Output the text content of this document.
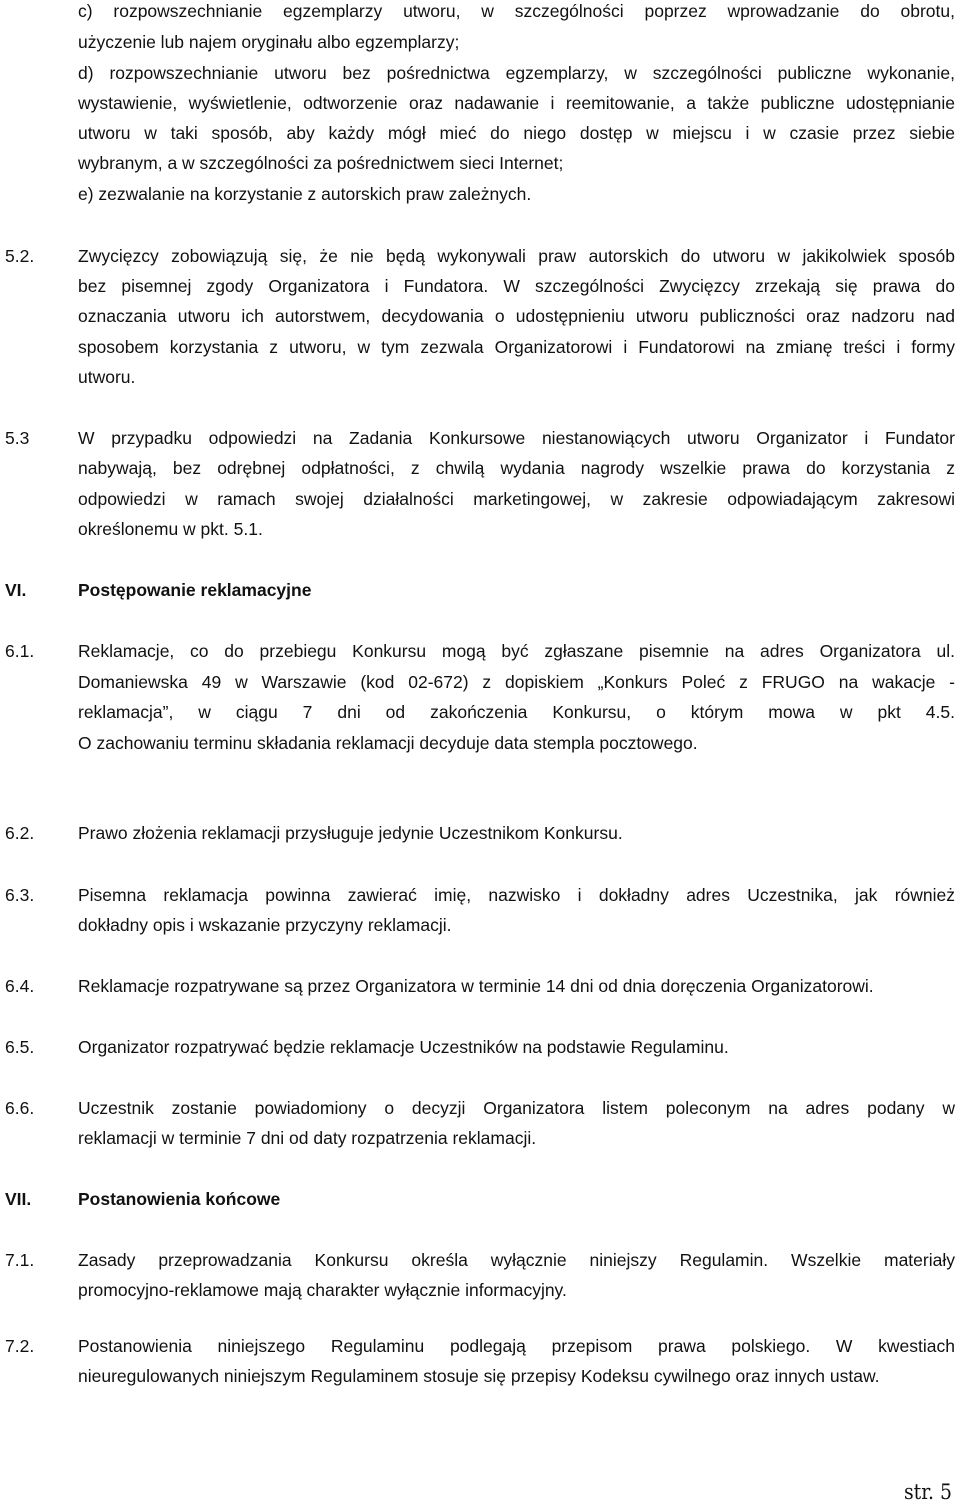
c) rozpowszechnianie egzemplarzy utworu, w szczególności poprzez wprowadzanie do obrotu,
użyczenie lub najem oryginału albo egzemplarzy;
d) rozpowszechnianie utworu bez pośrednictwa egzemplarzy, w szczególności publiczne wykonanie,
wystawienie, wyświetlenie, odtworzenie oraz nadawanie i reemitowanie, a także publiczne udostępnianie
utworu w taki sposób, aby każdy mógł mieć do niego dostęp w miejscu i w czasie przez siebie
wybranym, a w szczególności za pośrednictwem sieci Internet;
e) zezwalanie na korzystanie z autorskich praw zależnych.
5.2.	Zwycięzcy zobowiązują się, że nie będą wykonywali praw autorskich do utworu w jakikolwiek sposób
bez pisemnej zgody Organizatora i Fundatora. W szczególności Zwycięzcy zrzekają się prawa do
oznaczania utworu ich autorstwem, decydowania o udostępnieniu utworu publiczności oraz nadzoru nad
sposobem korzystania z utworu, w tym zezwala Organizatorowi i Fundatorowi na zmianę treści i formy
utworu.
5.3	W przypadku odpowiedzi na Zadania Konkursowe niestanowiących utworu Organizator i Fundator
nabywają, bez odrębnej odpłatności, z chwilą wydania nagrody wszelkie prawa do korzystania z
odpowiedzi w ramach swojej działalności marketingowej, w zakresie odpowiadającym zakresowi
określonemu w pkt. 5.1.
VI.	Postępowanie reklamacyjne
6.1.	Reklamacje, co do przebiegu Konkursu mogą być zgłaszane pisemnie na adres Organizatora ul.
Domaniewska 49 w Warszawie (kod 02-672) z dopiskiem „Konkurs Poleć z FRUGO na wakacje -
reklamacja”, w ciągu 7 dni od zakończenia Konkursu, o którym mowa w pkt 4.5.
O zachowaniu terminu składania reklamacji decyduje data stempla pocztowego.
6.2.	Prawo złożenia reklamacji przysługuje jedynie Uczestnikom Konkursu.
6.3.	Pisemna reklamacja powinna zawierać imię, nazwisko i dokładny adres Uczestnika, jak również
dokładny opis i wskazanie przyczyny reklamacji.
6.4.	Reklamacje rozpatrywane są przez Organizatora w terminie 14 dni od dnia doręczenia Organizatorowi.
6.5.	Organizator rozpatrywać będzie reklamacje Uczestników na podstawie Regulaminu.
6.6.	Uczestnik zostanie powiadomiony o decyzji Organizatora listem poleconym na adres podany w
reklamacji w terminie 7 dni od daty rozpatrzenia reklamacji.
VII.	Postanowienia końcowe
7.1.	Zasady przeprowadzania Konkursu określa wyłącznie niniejszy Regulamin. Wszelkie materiały
promocyjno-reklamowe mają charakter wyłącznie informacyjny.
7.2.	Postanowienia niniejszego Regulaminu podlegają przepisom prawa polskiego. W kwestiach
nieuregulowanych niniejszym Regulaminem stosuje się przepisy Kodeksu cywilnego oraz innych ustaw.
str. 5
